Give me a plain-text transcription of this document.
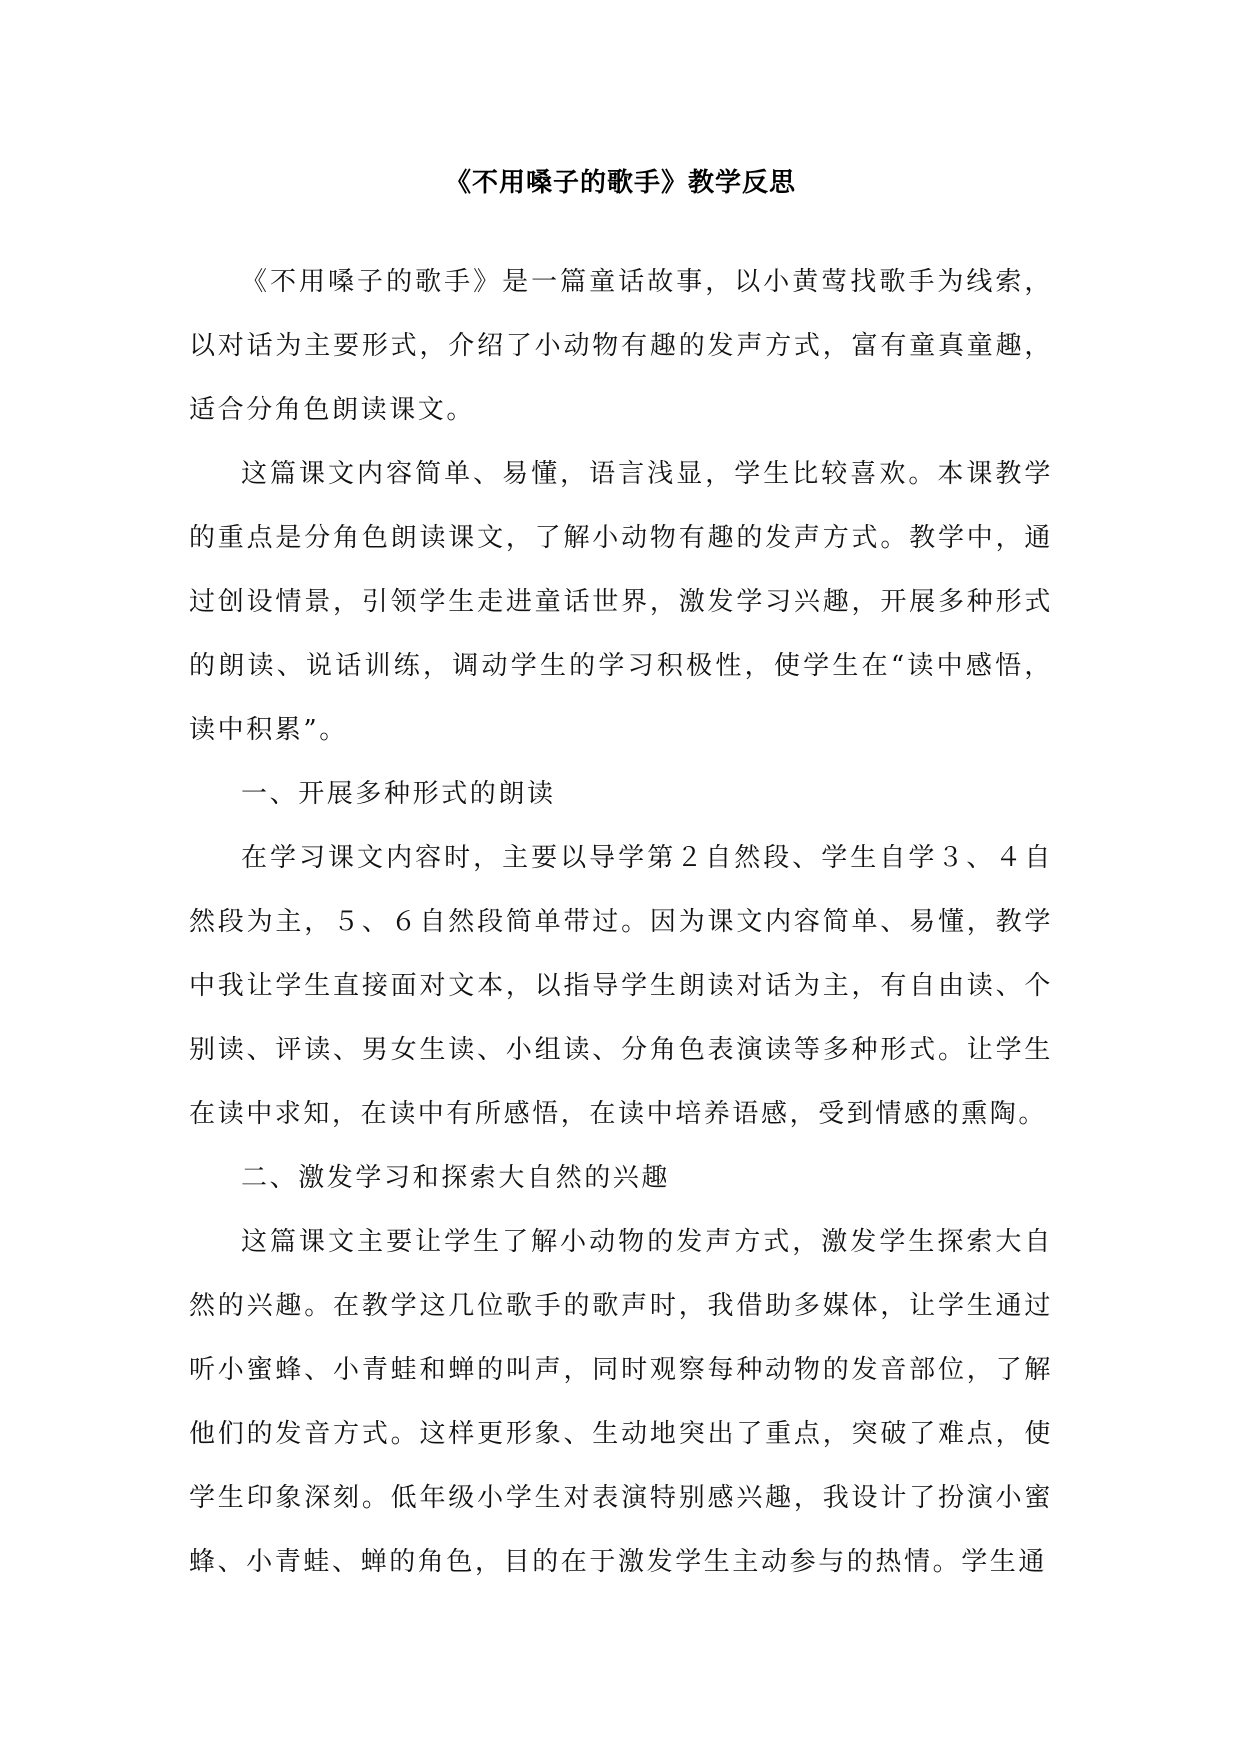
《不用嗓子的歌手》教学反思

《不用嗓子的歌手》是一篇童话故事，以小黄莺找歌手为线索，以对话为主要形式，介绍了小动物有趣的发声方式，富有童真童趣，适合分角色朗读课文。

这篇课文内容简单、易懂，语言浅显，学生比较喜欢。本课教学的重点是分角色朗读课文，了解小动物有趣的发声方式。教学中，通过创设情景，引领学生走进童话世界，激发学习兴趣，开展多种形式的朗读、说话训练，调动学生的学习积极性，使学生在“读中感悟，读中积累”。

一、开展多种形式的朗读

在学习课文内容时，主要以导学第２自然段、学生自学３、４自然段为主，５、６自然段简单带过。因为课文内容简单、易懂，教学中我让学生直接面对文本，以指导学生朗读对话为主，有自由读、个别读、评读、男女生读、小组读、分角色表演读等多种形式。让学生在读中求知，在读中有所感悟，在读中培养语感，受到情感的熏陶。

二、激发学习和探索大自然的兴趣

这篇课文主要让学生了解小动物的发声方式，激发学生探索大自然的兴趣。在教学这几位歌手的歌声时，我借助多媒体，让学生通过听小蜜蜂、小青蛙和蝉的叫声，同时观察每种动物的发音部位，了解他们的发音方式。这样更形象、生动地突出了重点，突破了难点，使学生印象深刻。低年级小学生对表演特别感兴趣，我设计了扮演小蜜蜂、小青蛙、蝉的角色，目的在于激发学生主动参与的热情。学生通
